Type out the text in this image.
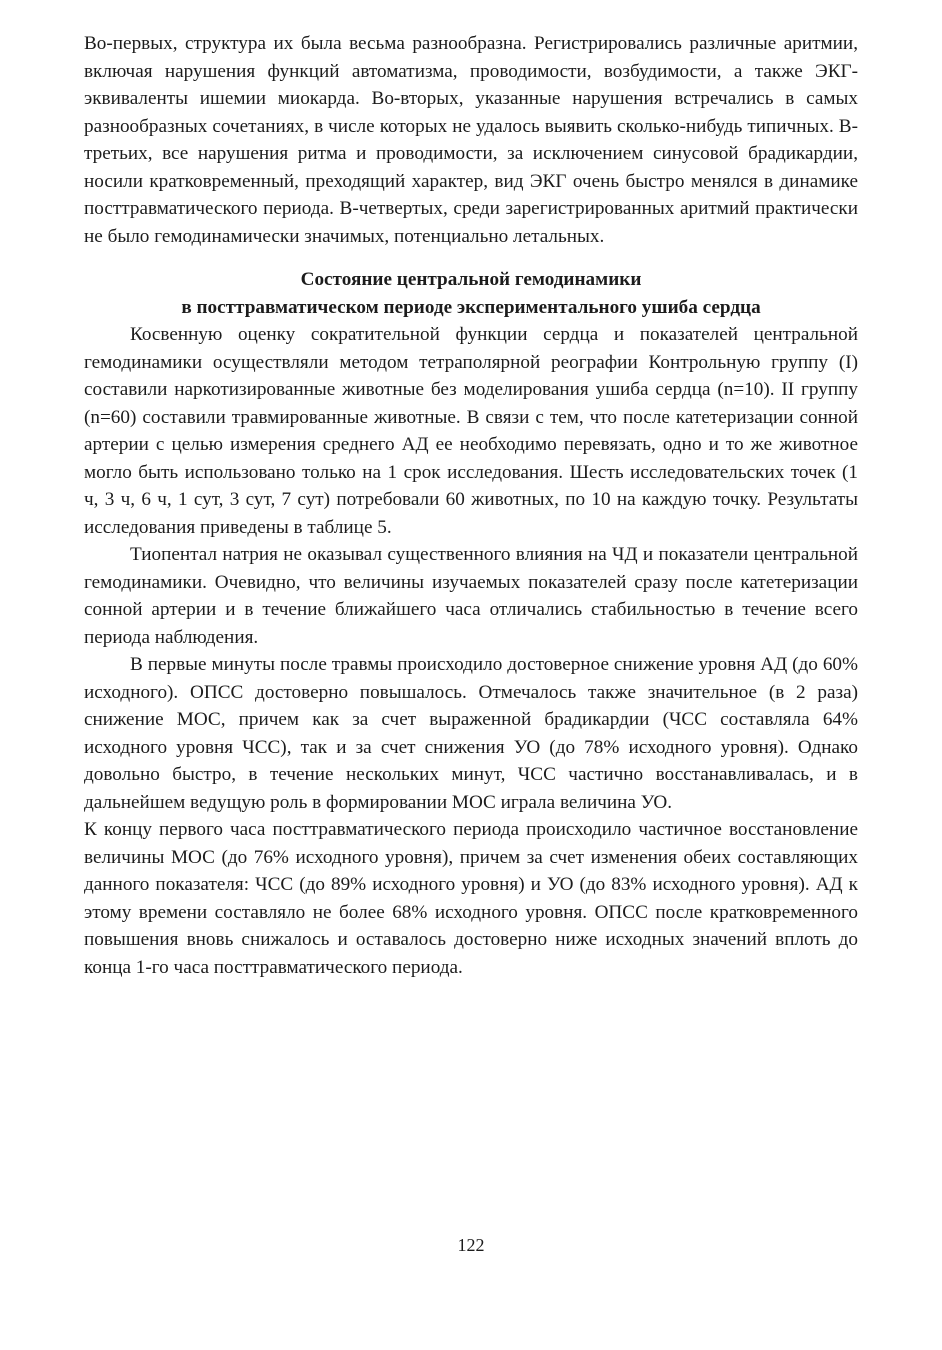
Во-первых, структура их была весьма разнообразна. Регистрировались различные аритмии, включая нарушения функций автоматизма, проводимости, возбудимости, а также ЭКГ-эквиваленты ишемии миокарда. Во-вторых, указанные нарушения встречались в самых разнообразных сочетаниях, в числе которых не удалось выявить сколько-нибудь типичных. В-третьих, все нарушения ритма и проводимости, за исключением синусовой брадикардии, носили кратковременный, преходящий характер, вид ЭКГ очень быстро менялся в динамике посттравматического периода. В-четвертых, среди зарегистрированных аритмий практически не было гемодинамически значимых, потенциально летальных.

Состояние центральной гемодинамики

в посттравматическом периоде экспериментального ушиба сердца

Косвенную оценку сократительной функции сердца и показателей центральной гемодинамики осуществляли методом тетраполярной реографии Контрольную группу (I) составили наркотизированные животные без моделирования ушиба сердца (n=10). II группу (n=60) составили травмированные животные. В связи с тем, что после катетеризации сонной артерии с целью измерения среднего АД ее необходимо перевязать, одно и то же животное могло быть использовано только на 1 срок исследования. Шесть исследовательских точек (1 ч, 3 ч, 6 ч, 1 сут, 3 сут, 7 сут) потребовали 60 животных, по 10 на каждую точку. Результаты исследования приведены в таблице 5.

Тиопентал натрия не оказывал существенного влияния на ЧД и показатели центральной гемодинамики. Очевидно, что величины изучаемых показателей сразу после катетеризации сонной артерии и в течение ближайшего часа отличались стабильностью в течение всего периода наблюдения.

В первые минуты после травмы происходило достоверное снижение уровня АД (до 60% исходного). ОПСС достоверно повышалось. Отмечалось также значительное (в 2 раза) снижение МОС, причем как за счет выраженной брадикардии (ЧСС составляла 64% исходного уровня ЧСС), так и за счет снижения УО (до 78% исходного уровня). Однако довольно быстро, в течение нескольких минут, ЧСС частично восстанавливалась, и в дальнейшем ведущую роль в формировании МОС играла величина УО.

К концу первого часа посттравматического периода происходило частичное восстановление величины МОС (до 76% исходного уровня), причем за счет изменения обеих составляющих данного показателя: ЧСС (до 89% исходного уровня) и УО (до 83% исходного уровня). АД к этому времени составляло не более 68% исходного уровня. ОПСС после кратковременного повышения вновь снижалось и оставалось достоверно ниже исходных значений вплоть до конца 1-го часа посттравматического периода.

122
